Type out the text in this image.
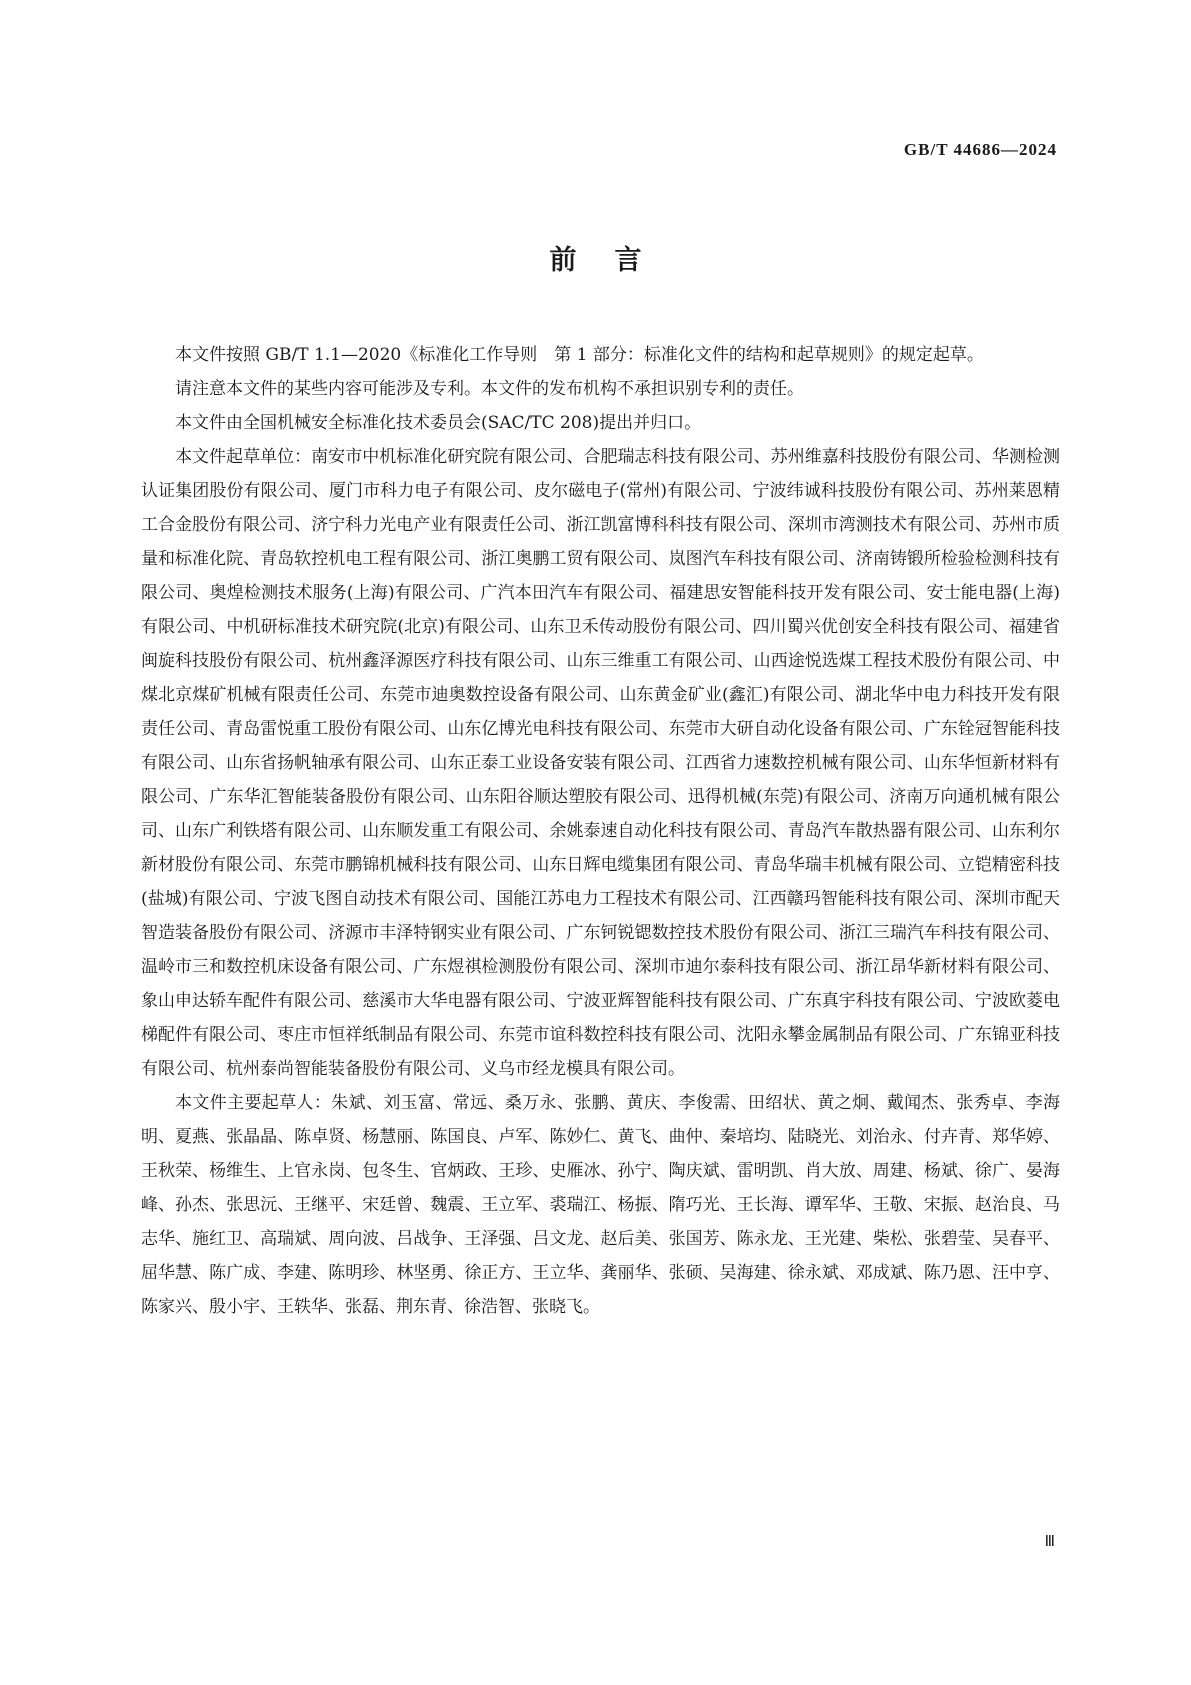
GB/T 44686—2024
前言

本文件按照 GB/T 1.1—2020《标准化工作导则　第 1 部分：标准化文件的结构和起草规则》的规定起草。

请注意本文件的某些内容可能涉及专利。本文件的发布机构不承担识别专利的责任。

本文件由全国机械安全标准化技术委员会(SAC/TC 208)提出并归口。

本文件起草单位：南安市中机标准化研究院有限公司、合肥瑞志科技有限公司、苏州维嘉科技股份有限公司、华测检测认证集团股份有限公司、厦门市科力电子有限公司、皮尔磁电子(常州)有限公司、宁波纬诚科技股份有限公司、苏州莱恩精工合金股份有限公司、济宁科力光电产业有限责任公司、浙江凯富博科科技有限公司、深圳市湾测技术有限公司、苏州市质量和标准化院、青岛软控机电工程有限公司、浙江奥鹏工贸有限公司、岚图汽车科技有限公司、济南铸锻所检验检测科技有限公司、奥煌检测技术服务(上海)有限公司、广汽本田汽车有限公司、福建思安智能科技开发有限公司、安士能电器(上海)有限公司、中机研标准技术研究院(北京)有限公司、山东卫禾传动股份有限公司、四川蜀兴优创安全科技有限公司、福建省闽旋科技股份有限公司、杭州鑫泽源医疗科技有限公司、山东三维重工有限公司、山西途悦选煤工程技术股份有限公司、中煤北京煤矿机械有限责任公司、东莞市迪奥数控设备有限公司、山东黄金矿业(鑫汇)有限公司、湖北华中电力科技开发有限责任公司、青岛雷悦重工股份有限公司、山东亿博光电科技有限公司、东莞市大研自动化设备有限公司、广东铨冠智能科技有限公司、山东省扬帆轴承有限公司、山东正泰工业设备安装有限公司、江西省力速数控机械有限公司、山东华恒新材料有限公司、广东华汇智能装备股份有限公司、山东阳谷顺达塑胶有限公司、迅得机械(东莞)有限公司、济南万向通机械有限公司、山东广利铁塔有限公司、山东顺发重工有限公司、余姚泰速自动化科技有限公司、青岛汽车散热器有限公司、山东利尔新材股份有限公司、东莞市鹏锦机械科技有限公司、山东日辉电缆集团有限公司、青岛华瑞丰机械有限公司、立铠精密科技(盐城)有限公司、宁波飞图自动技术有限公司、国能江苏电力工程技术有限公司、江西赣玛智能科技有限公司、深圳市配天智造装备股份有限公司、济源市丰泽特钢实业有限公司、广东钶锐锶数控技术股份有限公司、浙江三瑞汽车科技有限公司、温岭市三和数控机床设备有限公司、广东煜祺检测股份有限公司、深圳市迪尔泰科技有限公司、浙江昂华新材料有限公司、象山申达轿车配件有限公司、慈溪市大华电器有限公司、宁波亚辉智能科技有限公司、广东真宇科技有限公司、宁波欧菱电梯配件有限公司、枣庄市恒祥纸制品有限公司、东莞市谊科数控科技有限公司、沈阳永攀金属制品有限公司、广东锦亚科技有限公司、杭州泰尚智能装备股份有限公司、义乌市经龙模具有限公司。

本文件主要起草人：朱斌、刘玉富、常远、桑万永、张鹏、黄庆、李俊需、田绍状、黄之炯、戴闻杰、张秀卓、李海明、夏燕、张晶晶、陈卓贤、杨慧丽、陈国良、卢军、陈妙仁、黄飞、曲仲、秦培均、陆晓光、刘治永、付卉青、郑华婷、王秋荣、杨维生、上官永岗、包冬生、官炳政、王珍、史雁冰、孙宁、陶庆斌、雷明凯、肖大放、周建、杨斌、徐广、晏海峰、孙杰、张思沅、王继平、宋廷曾、魏震、王立军、裘瑞江、杨振、隋巧光、王长海、谭军华、王敬、宋振、赵治良、马志华、施红卫、高瑞斌、周向波、吕战争、王泽强、吕文龙、赵后美、张国芳、陈永龙、王光建、柴松、张碧莹、吴春平、屈华慧、陈广成、李建、陈明珍、林坚勇、徐正方、王立华、龚丽华、张硕、吴海建、徐永斌、邓成斌、陈乃恩、汪中亨、陈家兴、殷小宇、王轶华、张磊、荆东青、徐浩智、张晓飞。

Ⅲ
